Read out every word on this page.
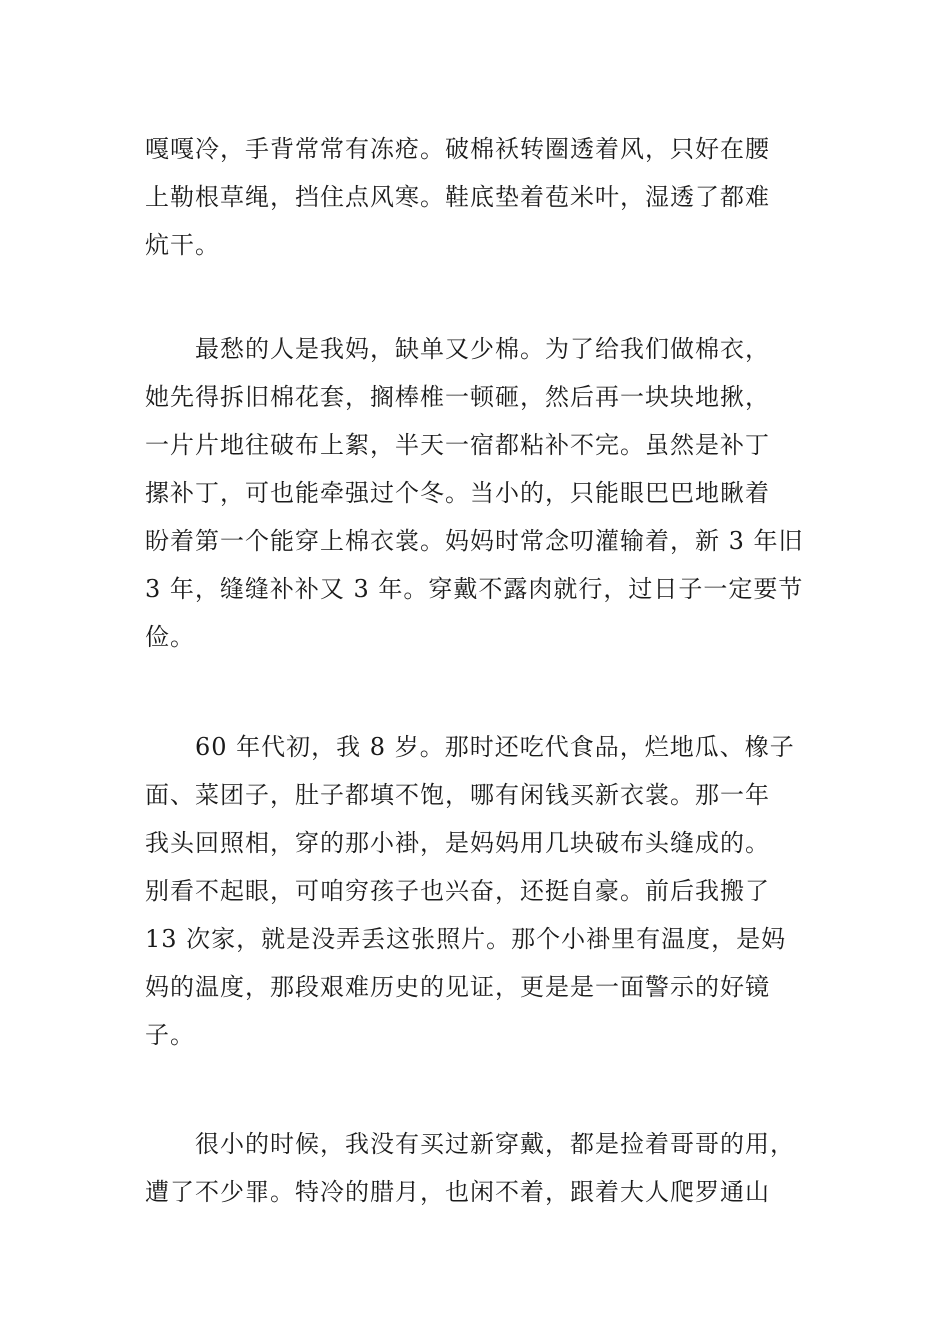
嘎嘎冷，手背常常有冻疮。破棉袄转圈透着风，只好在腰
上勒根草绳，挡住点风寒。鞋底垫着苞米叶，湿透了都难
炕干。
　　最愁的人是我妈，缺单又少棉。为了给我们做棉衣，
她先得拆旧棉花套，搁棒椎一顿砸，然后再一块块地揪，
一片片地往破布上絮，半天一宿都粘补不完。虽然是补丁
摞补丁，可也能牵强过个冬。当小的，只能眼巴巴地瞅着
盼着第一个能穿上棉衣裳。妈妈时常念叨灌输着，新 3 年旧
3 年，缝缝补补又 3 年。穿戴不露肉就行，过日子一定要节
俭。
　　60 年代初，我 8 岁。那时还吃代食品，烂地瓜、橡子
面、菜团子，肚子都填不饱，哪有闲钱买新衣裳。那一年
我头回照相，穿的那小褂，是妈妈用几块破布头缝成的。
别看不起眼，可咱穷孩子也兴奋，还挺自豪。前后我搬了
13 次家，就是没弄丢这张照片。那个小褂里有温度，是妈
妈的温度，那段艰难历史的见证，更是是一面警示的好镜
子。
　　很小的时候，我没有买过新穿戴，都是捡着哥哥的用，
遭了不少罪。特冷的腊月，也闲不着，跟着大人爬罗通山
